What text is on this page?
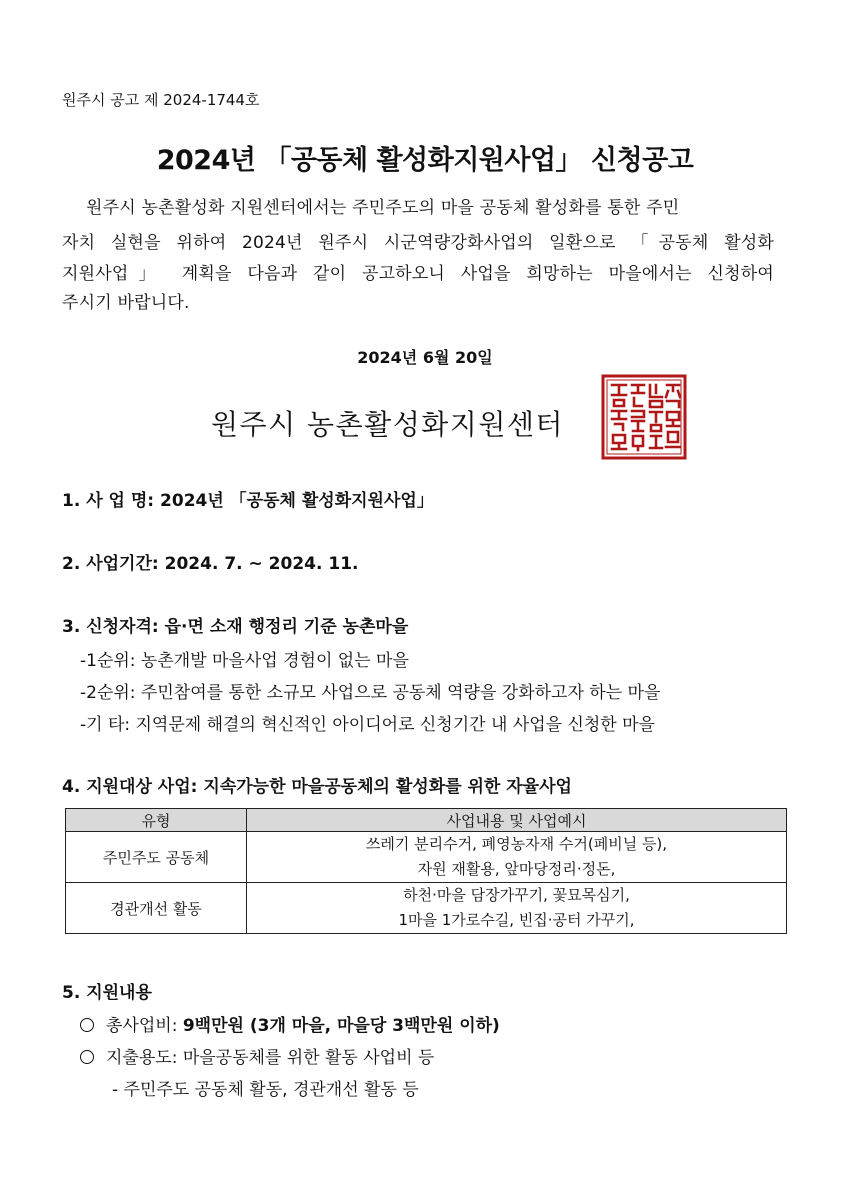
원주시 공고 제 2024-1744호
2024년 「공동체 활성화지원사업」 신청공고
원주시 농촌활성화 지원센터에서는 주민주도의 마을 공동체 활성화를 통한 주민
자치 실현을 위하여 2024년 원주시 시군역량강화사업의 일환으로 「공동체 활성화
지원사업」 계획을 다음과 같이 공고하오니 사업을 희망하는 마을에서는 신청하여
주시기 바랍니다.
2024년 6월 20일
원주시 농촌활성화지원센터
1. 사 업 명: 2024년 「공동체 활성화지원사업」
2. 사업기간: 2024. 7. ~ 2024. 11.
3. 신청자격: 읍·면 소재 행정리 기준 농촌마을
-1순위: 농촌개발 마을사업 경험이 없는 마을
-2순위: 주민참여를 통한 소규모 사업으로 공동체 역량을 강화하고자 하는 마을
-기 타: 지역문제 해결의 혁신적인 아이디어로 신청기간 내 사업을 신청한 마을
4. 지원대상 사업: 지속가능한 마을공동체의 활성화를 위한 자율사업
유형	사업내용 및 사업예시
주민주도 공동체	쓰레기 분리수거, 폐영농자재 수거(페비닐 등),
자원 재활용, 앞마당정리·정돈,

경관개선 활동	하천·마을 담장가꾸기, 꽃묘목심기,
1마을 1가로수길, 빈집·공터 가꾸기,
5. 지원내용
총사업비: 9백만원 (3개 마을, 마을당 3백만원 이하)
지출용도: 마을공동체를 위한 활동 사업비 등
- 주민주도 공동체 활동, 경관개선 활동 등
